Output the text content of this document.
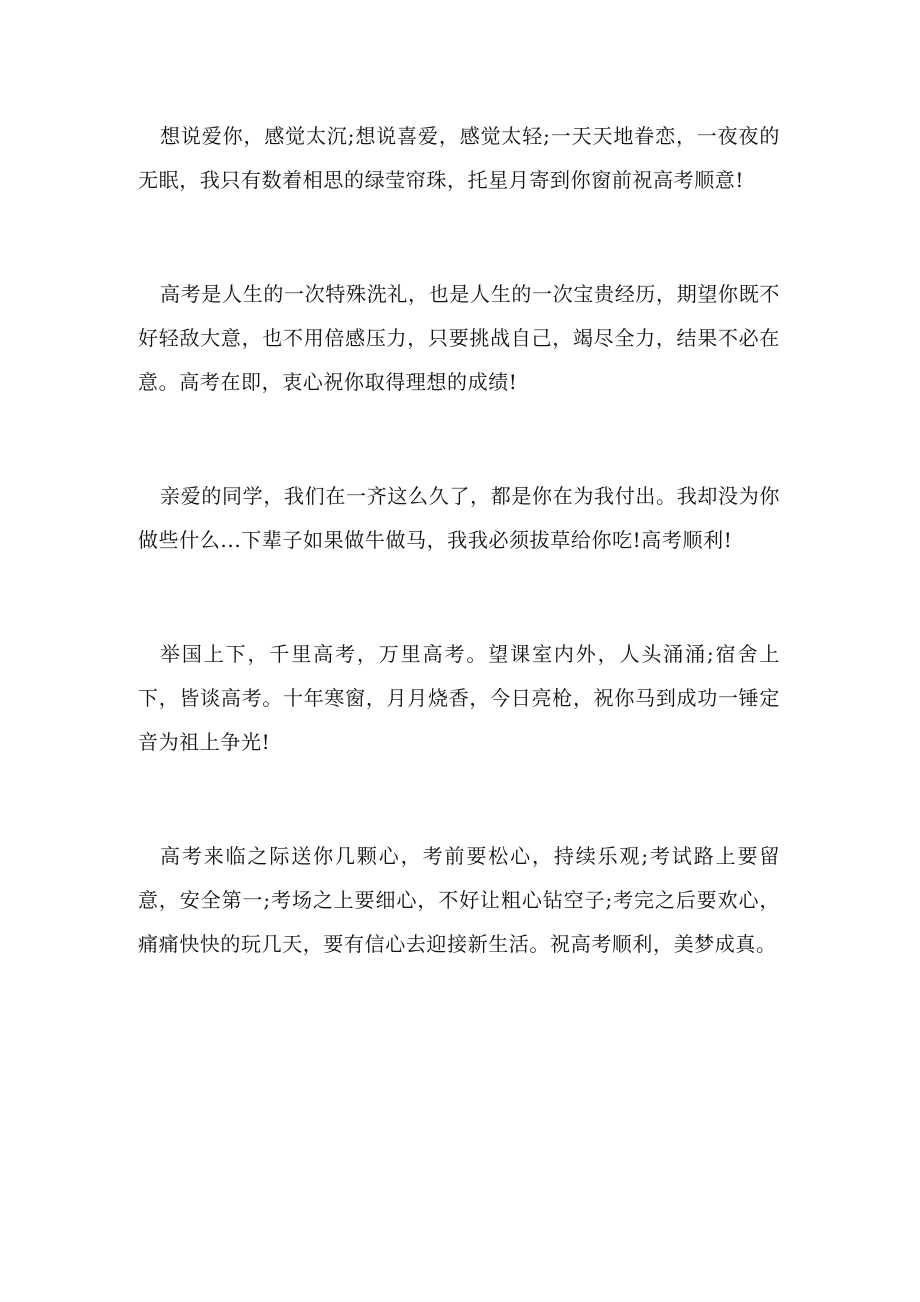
想说爱你，感觉太沉;想说喜爱，感觉太轻;一天天地眷恋，一夜夜的无眠，我只有数着相思的绿莹帘珠，托星月寄到你窗前祝高考顺意!

高考是人生的一次特殊洗礼，也是人生的一次宝贵经历，期望你既不好轻敌大意，也不用倍感压力，只要挑战自己，竭尽全力，结果不必在意。高考在即，衷心祝你取得理想的成绩!

亲爱的同学，我们在一齐这么久了，都是你在为我付出。我却没为你做些什么...下辈子如果做牛做马，我我必须拔草给你吃!高考顺利!

举国上下，千里高考，万里高考。望课室内外，人头涌涌;宿舍上下，皆谈高考。十年寒窗，月月烧香，今日亮枪，祝你马到成功一锤定音为祖上争光!

高考来临之际送你几颗心，考前要松心，持续乐观;考试路上要留意，安全第一;考场之上要细心，不好让粗心钻空子;考完之后要欢心，痛痛快快的玩几天，要有信心去迎接新生活。祝高考顺利，美梦成真。
